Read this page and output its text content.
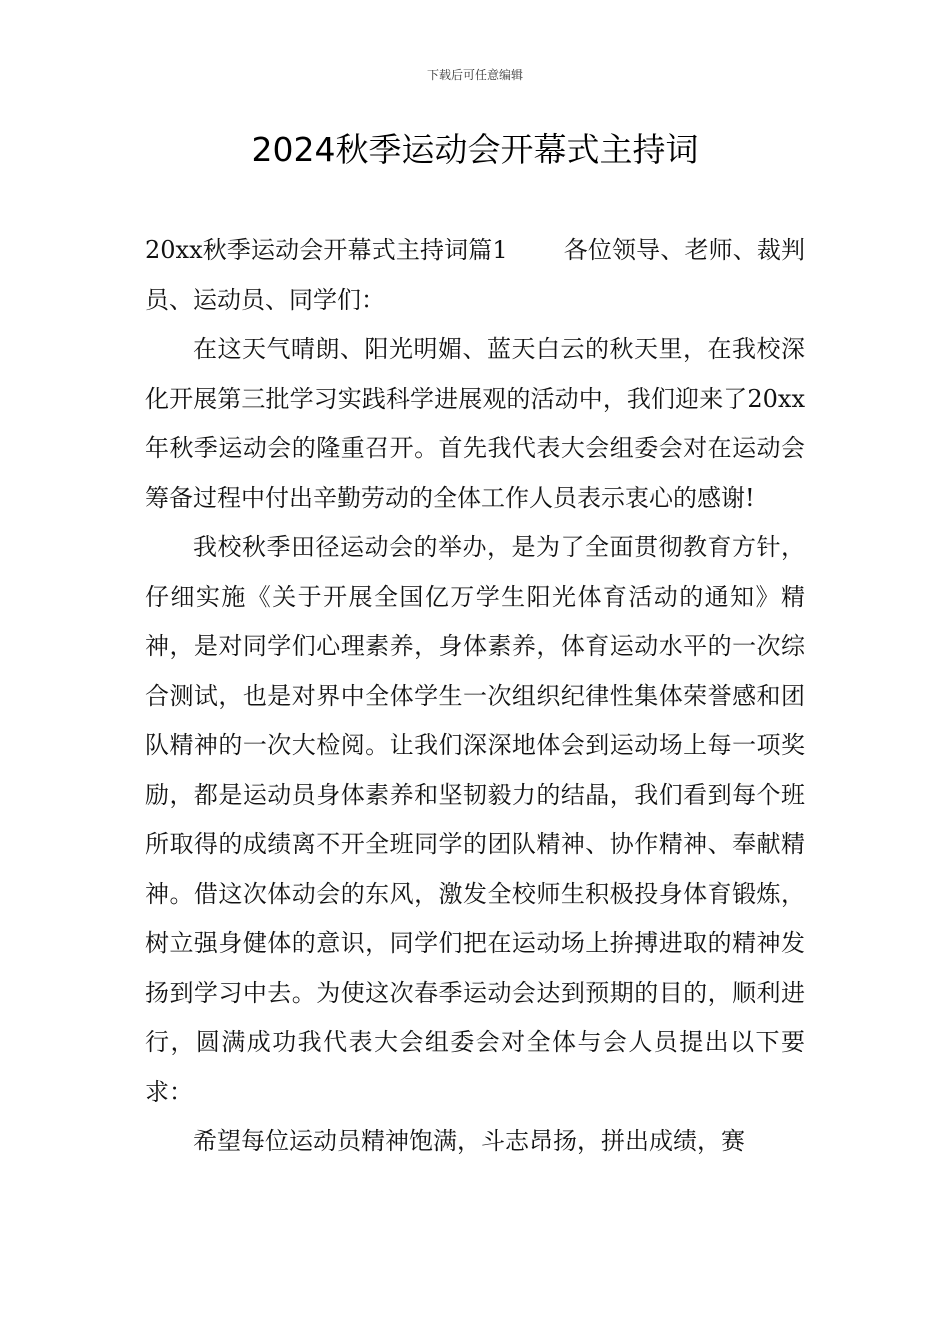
下载后可任意编辑
2024秋季运动会开幕式主持词

20xx秋季运动会开幕式主持词篇1 各位领导、老师、裁判员、运动员、同学们：

在这天气晴朗、阳光明媚、蓝天白云的秋天里，在我校深化开展第三批学习实践科学进展观的活动中，我们迎来了20xx年秋季运动会的隆重召开。首先我代表大会组委会对在运动会筹备过程中付出辛勤劳动的全体工作人员表示衷心的感谢!

我校秋季田径运动会的举办，是为了全面贯彻教育方针，仔细实施《关于开展全国亿万学生阳光体育活动的通知》精神，是对同学们心理素养，身体素养，体育运动水平的一次综合测试，也是对界中全体学生一次组织纪律性集体荣誉感和团队精神的一次大检阅。让我们深深地体会到运动场上每一项奖励，都是运动员身体素养和坚韧毅力的结晶，我们看到每个班所取得的成绩离不开全班同学的团队精神、协作精神、奉献精神。借这次体动会的东风，激发全校师生积极投身体育锻炼，树立强身健体的意识，同学们把在运动场上拚搏进取的精神发扬到学习中去。为使这次春季运动会达到预期的目的，顺利进行，圆满成功我代表大会组委会对全体与会人员提出以下要求：

希望每位运动员精神饱满，斗志昂扬，拼出成绩，赛
